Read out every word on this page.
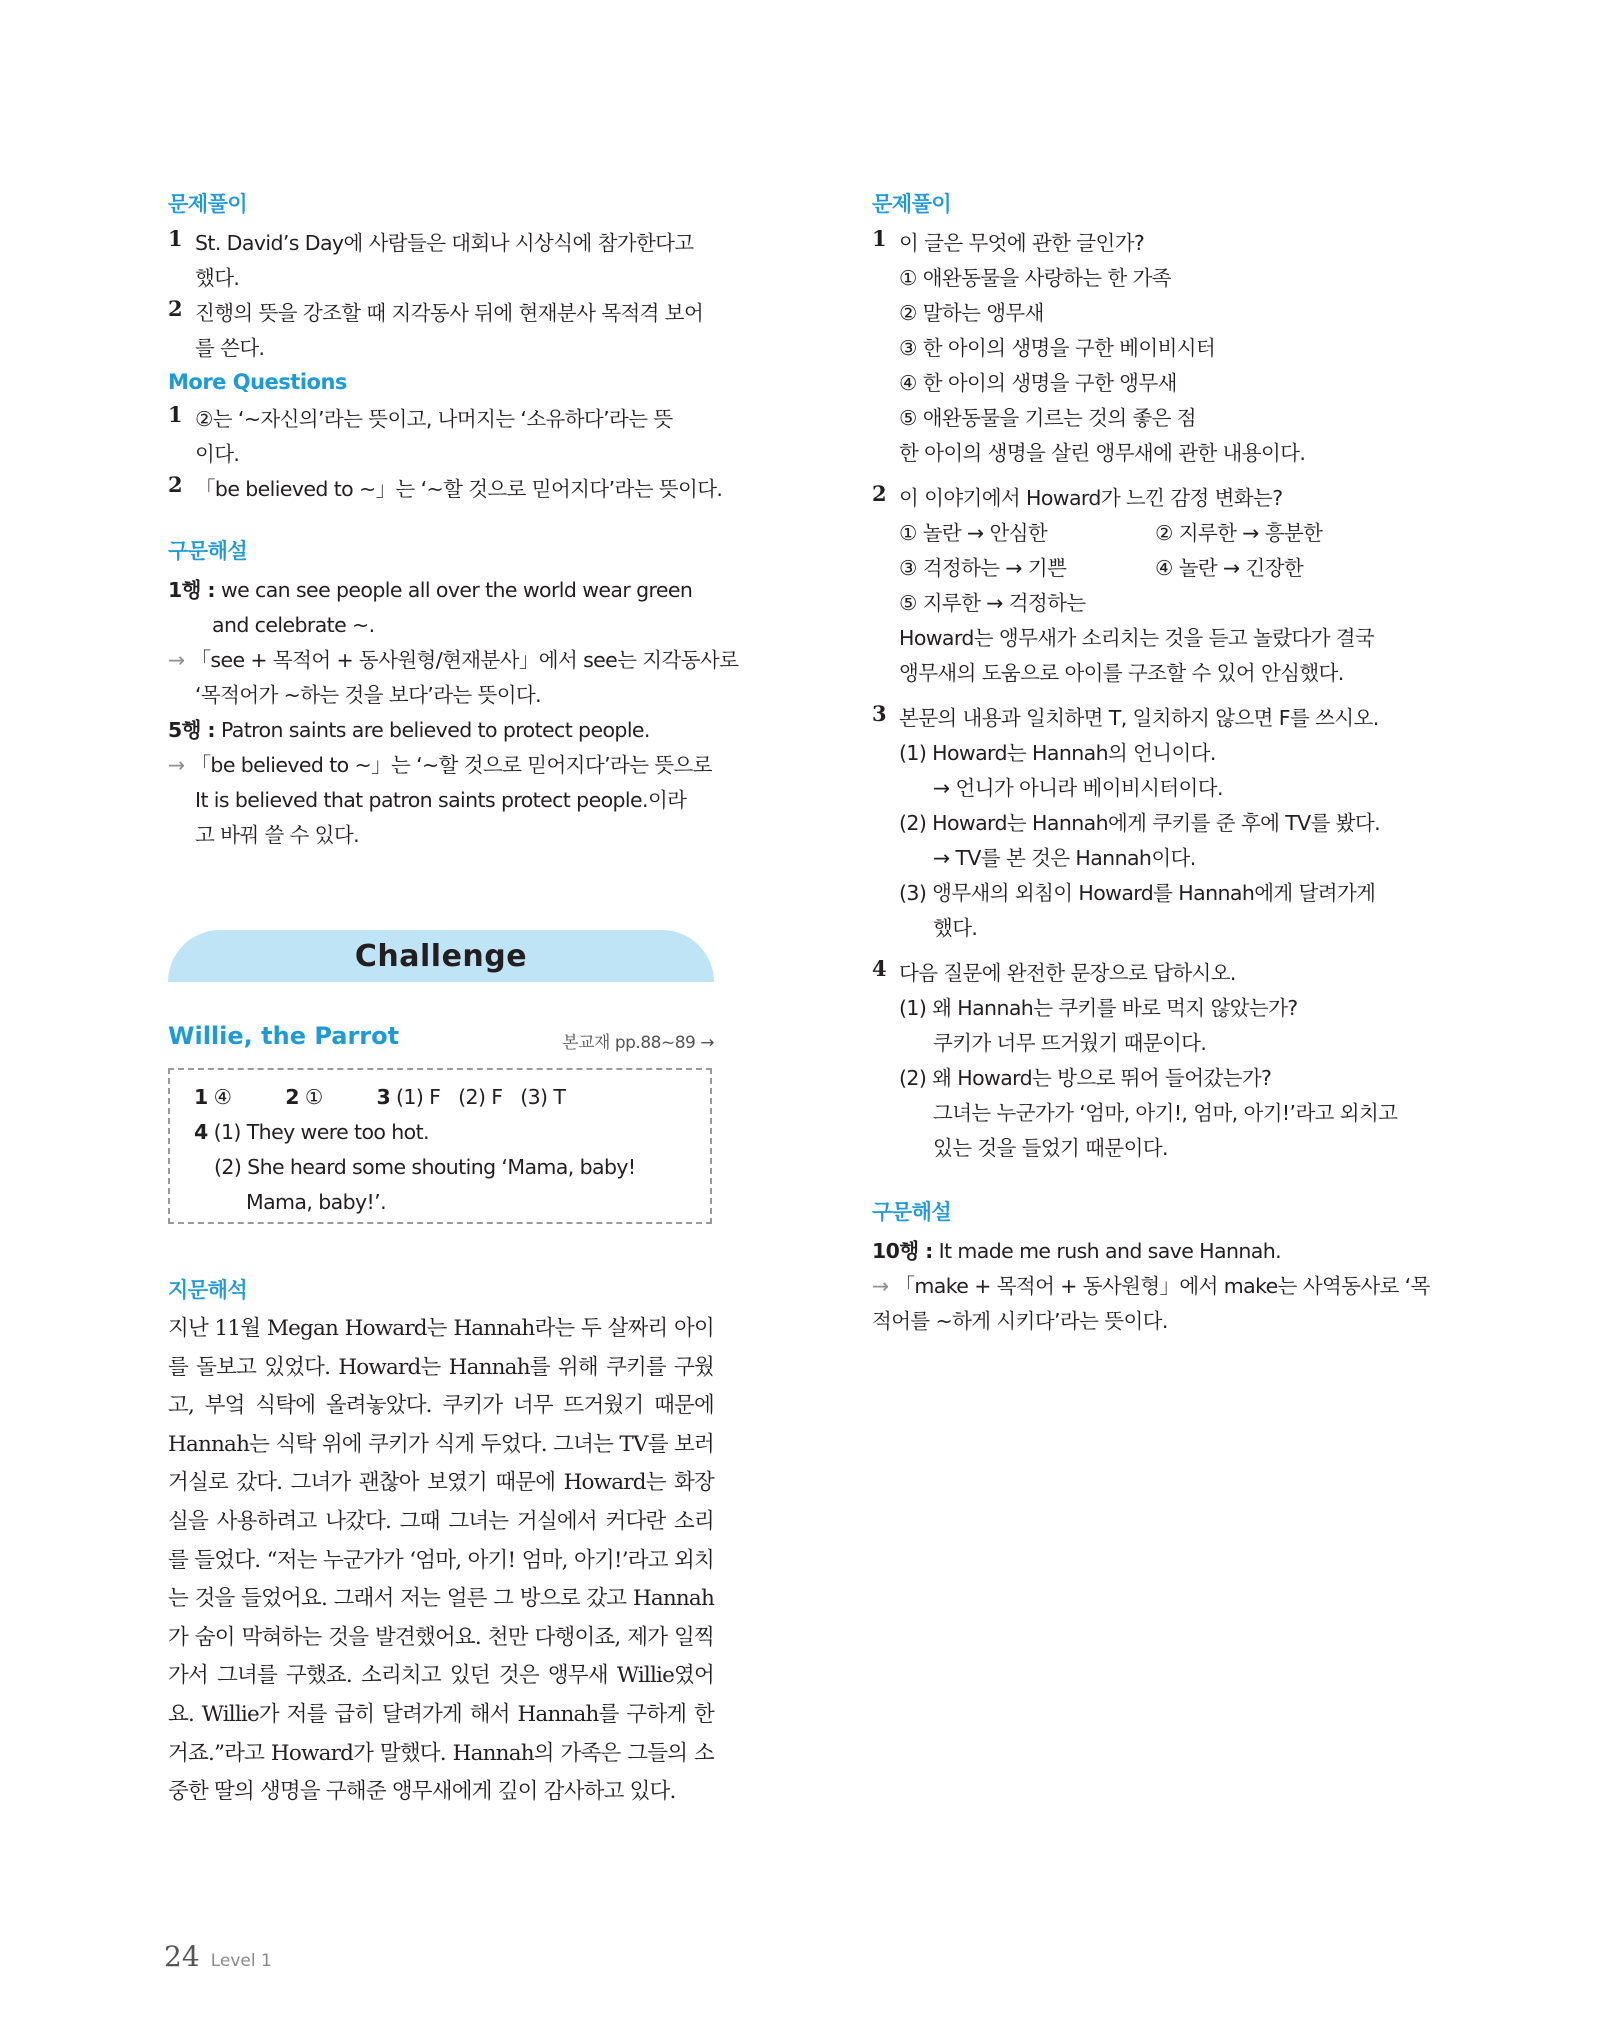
문제풀이
1 St. David’s Day에 사람들은 대회나 시상식에 참가한다고
했다.
2 진행의 뜻을 강조할 때 지각동사 뒤에 현재분사 목적격 보어
를 쓴다.
More Questions
1 ②는 ‘~자신의’라는 뜻이고, 나머지는 ‘소유하다’라는 뜻
이다.
2 「be believed to ~」는 ‘~할 것으로 믿어지다’라는 뜻이다.
구문해설
1행 : we can see people all over the world wear green
and celebrate ~.
→ 「see + 목적어 + 동사원형/현재분사」에서 see는 지각동사로
‘목적어가 ~하는 것을 보다’라는 뜻이다.
5행 : Patron saints are believed to protect people.
→ 「be believed to ~」는 ‘~할 것으로 믿어지다’라는 뜻으로
It is believed that patron saints protect people.이라
고 바꿔 쓸 수 있다.
Challenge
Willie, the Parrot	본교재 pp.88~89 →
1 ④	2 ①	3 (1) F   (2) F   (3) T
4 (1) They were too hot.
(2) She heard some shouting ‘Mama, baby!
Mama, baby!’.
지문해석

지난 11월 Megan Howard는 Hannah라는 두 살짜리 아이를 돌보고 있었다. Howard는 Hannah를 위해 쿠키를 구웠고, 부엌 식탁에 올려놓았다. 쿠키가 너무 뜨거웠기 때문에 Hannah는 식탁 위에 쿠키가 식게 두었다. 그녀는 TV를 보러 거실로 갔다. 그녀가 괜찮아 보였기 때문에 Howard는 화장실을 사용하려고 나갔다. 그때 그녀는 거실에서 커다란 소리를 들었다. “저는 누군가가 ‘엄마, 아기! 엄마, 아기!’라고 외치는 것을 들었어요. 그래서 저는 얼른 그 방으로 갔고 Hannah가 숨이 막혀하는 것을 발견했어요. 천만 다행이죠, 제가 일찍가서 그녀를 구했죠. 소리치고 있던 것은 앵무새 Willie였어요. Willie가 저를 급히 달려가게 해서 Hannah를 구하게 한 거죠.”라고 Howard가 말했다. Hannah의 가족은 그들의 소중한 딸의 생명을 구해준 앵무새에게 깊이 감사하고 있다.

문제풀이
1 이 글은 무엇에 관한 글인가?
① 애완동물을 사랑하는 한 가족
② 말하는 앵무새
③ 한 아이의 생명을 구한 베이비시터
④ 한 아이의 생명을 구한 앵무새
⑤ 애완동물을 기르는 것의 좋은 점
한 아이의 생명을 살린 앵무새에 관한 내용이다.
2 이 이야기에서 Howard가 느낀 감정 변화는?
① 놀란 → 안심한	② 지루한 → 흥분한
③ 걱정하는 → 기쁜	④ 놀란 → 긴장한
⑤ 지루한 → 걱정하는
Howard는 앵무새가 소리치는 것을 듣고 놀랐다가 결국
앵무새의 도움으로 아이를 구조할 수 있어 안심했다.
3 본문의 내용과 일치하면 T, 일치하지 않으면 F를 쓰시오.
(1) Howard는 Hannah의 언니이다.
→ 언니가 아니라 베이비시터이다.
(2) Howard는 Hannah에게 쿠키를 준 후에 TV를 봤다.
→ TV를 본 것은 Hannah이다.
(3) 앵무새의 외침이 Howard를 Hannah에게 달려가게
했다.
4 다음 질문에 완전한 문장으로 답하시오.
(1) 왜 Hannah는 쿠키를 바로 먹지 않았는가?
쿠키가 너무 뜨거웠기 때문이다.
(2) 왜 Howard는 방으로 뛰어 들어갔는가?
그녀는 누군가가 ‘엄마, 아기!, 엄마, 아기!’라고 외치고
있는 것을 들었기 때문이다.
구문해설
10행 : It made me rush and save Hannah.
→ 「make + 목적어 + 동사원형」에서 make는 사역동사로 ‘목
적어를 ~하게 시키다’라는 뜻이다.
24 Level 1
